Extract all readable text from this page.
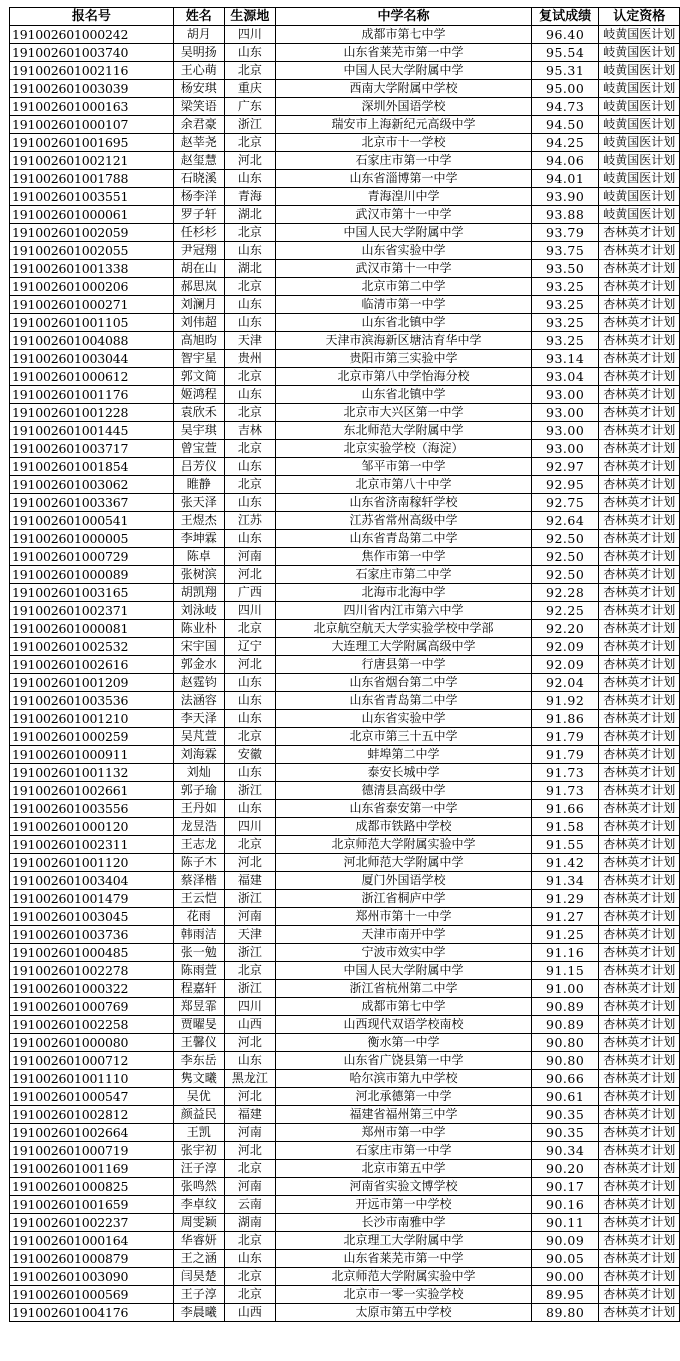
报名号	姓名	生源地	中学名称	复试成绩	认定资格
191002601000242	胡月	四川	成都市第七中学	96.40	岐黄国医计划
191002601003740	吴明扬	山东	山东省莱芜市第一中学	95.54	岐黄国医计划
191002601002116	王心萌	北京	中国人民大学附属中学	95.31	岐黄国医计划
191002601003039	杨安琪	重庆	西南大学附属中学校	95.00	岐黄国医计划
191002601000163	梁笑语	广东	深圳外国语学校	94.73	岐黄国医计划
191002601000107	余君豪	浙江	瑞安市上海新纪元高级中学	94.50	岐黄国医计划
191002601001695	赵莘尧	北京	北京市十一学校	94.25	岐黄国医计划
191002601002121	赵玺慧	河北	石家庄市第一中学	94.06	岐黄国医计划
191002601001788	石晓溪	山东	山东省淄博第一中学	94.01	岐黄国医计划
191002601003551	杨李洋	青海	青海湟川中学	93.90	岐黄国医计划
191002601000061	罗子轩	湖北	武汉市第十一中学	93.88	岐黄国医计划
191002601002059	任杉杉	北京	中国人民大学附属中学	93.79	杏林英才计划
191002601002055	尹冠翔	山东	山东省实验中学	93.75	杏林英才计划
191002601001338	胡在山	湖北	武汉市第十一中学	93.50	杏林英才计划
191002601000206	郝思岚	北京	北京市第二中学	93.25	杏林英才计划
191002601000271	刘澜月	山东	临清市第一中学	93.25	杏林英才计划
191002601001105	刘伟超	山东	山东省北镇中学	93.25	杏林英才计划
191002601004088	高旭昀	天津	天津市滨海新区塘沽育华中学	93.25	杏林英才计划
191002601003044	智宇星	贵州	贵阳市第三实验中学	93.14	杏林英才计划
191002601000612	郭文简	北京	北京市第八中学怡海分校	93.04	杏林英才计划
191002601001176	姬鸿程	山东	山东省北镇中学	93.00	杏林英才计划
191002601001228	袁欣禾	北京	北京市大兴区第一中学	93.00	杏林英才计划
191002601001445	吴宇琪	吉林	东北师范大学附属中学	93.00	杏林英才计划
191002601003717	曾宝萱	北京	北京实验学校（海淀）	93.00	杏林英才计划
191002601001854	吕芳仪	山东	邹平市第一中学	92.97	杏林英才计划
191002601003062	睢静	北京	北京市第八十中学	92.95	杏林英才计划
191002601003367	张天泽	山东	山东省济南稼轩学校	92.75	杏林英才计划
191002601000541	王煜杰	江苏	江苏省常州高级中学	92.64	杏林英才计划
191002601000005	李坤霖	山东	山东省青岛第二中学	92.50	杏林英才计划
191002601000729	陈卓	河南	焦作市第一中学	92.50	杏林英才计划
191002601000089	张树滨	河北	石家庄市第二中学	92.50	杏林英才计划
191002601003165	胡凯翔	广西	北海市北海中学	92.28	杏林英才计划
191002601002371	刘泳岐	四川	四川省内江市第六中学	92.25	杏林英才计划
191002601000081	陈业朴	北京	北京航空航天大学实验学校中学部	92.20	杏林英才计划
191002601002532	宋宇国	辽宁	大连理工大学附属高级中学	92.09	杏林英才计划
191002601002616	郭金水	河北	行唐县第一中学	92.09	杏林英才计划
191002601001209	赵霆钧	山东	山东省烟台第二中学	92.04	杏林英才计划
191002601003536	法涵容	山东	山东省青岛第二中学	91.92	杏林英才计划
191002601001210	李天泽	山东	山东省实验中学	91.86	杏林英才计划
191002601000259	吴芃萱	北京	北京市第三十五中学	91.79	杏林英才计划
191002601000911	刘海霖	安徽	蚌埠第二中学	91.79	杏林英才计划
191002601001132	刘灿	山东	泰安长城中学	91.73	杏林英才计划
191002601002661	郭子瑜	浙江	德清县高级中学	91.73	杏林英才计划
191002601003556	王丹如	山东	山东省泰安第一中学	91.66	杏林英才计划
191002601000120	龙昱浩	四川	成都市铁路中学校	91.58	杏林英才计划
191002601002311	王志龙	北京	北京师范大学附属实验中学	91.55	杏林英才计划
191002601001120	陈子木	河北	河北师范大学附属中学	91.42	杏林英才计划
191002601003404	蔡泽楷	福建	厦门外国语学校	91.34	杏林英才计划
191002601001479	王云恺	浙江	浙江省桐庐中学	91.29	杏林英才计划
191002601003045	花雨	河南	郑州市第十一中学	91.27	杏林英才计划
191002601003736	韩雨洁	天津	天津市南开中学	91.25	杏林英才计划
191002601000485	张一勉	浙江	宁波市效实中学	91.16	杏林英才计划
191002601002278	陈雨萱	北京	中国人民大学附属中学	91.15	杏林英才计划
191002601000322	程嘉轩	浙江	浙江省杭州第二中学	91.00	杏林英才计划
191002601000769	郑昱霏	四川	成都市第七中学	90.89	杏林英才计划
191002601002258	贾曜旻	山西	山西现代双语学校南校	90.89	杏林英才计划
191002601000080	王馨仪	河北	衡水第一中学	90.80	杏林英才计划
191002601000712	李东岳	山东	山东省广饶县第一中学	90.80	杏林英才计划
191002601001110	隽文曦	黑龙江	哈尔滨市第九中学校	90.66	杏林英才计划
191002601000547	吴优	河北	河北承德第一中学	90.61	杏林英才计划
191002601002812	颜益民	福建	福建省福州第三中学	90.35	杏林英才计划
191002601002664	王凯	河南	郑州市第一中学	90.35	杏林英才计划
191002601000719	张宇初	河北	石家庄市第一中学	90.34	杏林英才计划
191002601001169	汪子淳	北京	北京市第五中学	90.20	杏林英才计划
191002601000825	张鸣然	河南	河南省实验文博学校	90.17	杏林英才计划
191002601001659	李卓纹	云南	开远市第一中学校	90.16	杏林英才计划
191002601002237	周雯颖	湖南	长沙市南雅中学	90.11	杏林英才计划
191002601000164	华睿妍	北京	北京理工大学附属中学	90.09	杏林英才计划
191002601000879	王之涵	山东	山东省莱芜市第一中学	90.05	杏林英才计划
191002601003090	闫昊楚	北京	北京师范大学附属实验中学	90.00	杏林英才计划
191002601000569	王子淳	北京	北京市一零一实验学校	89.95	杏林英才计划
191002601004176	李晨曦	山西	太原市第五中学校	89.80	杏林英才计划
